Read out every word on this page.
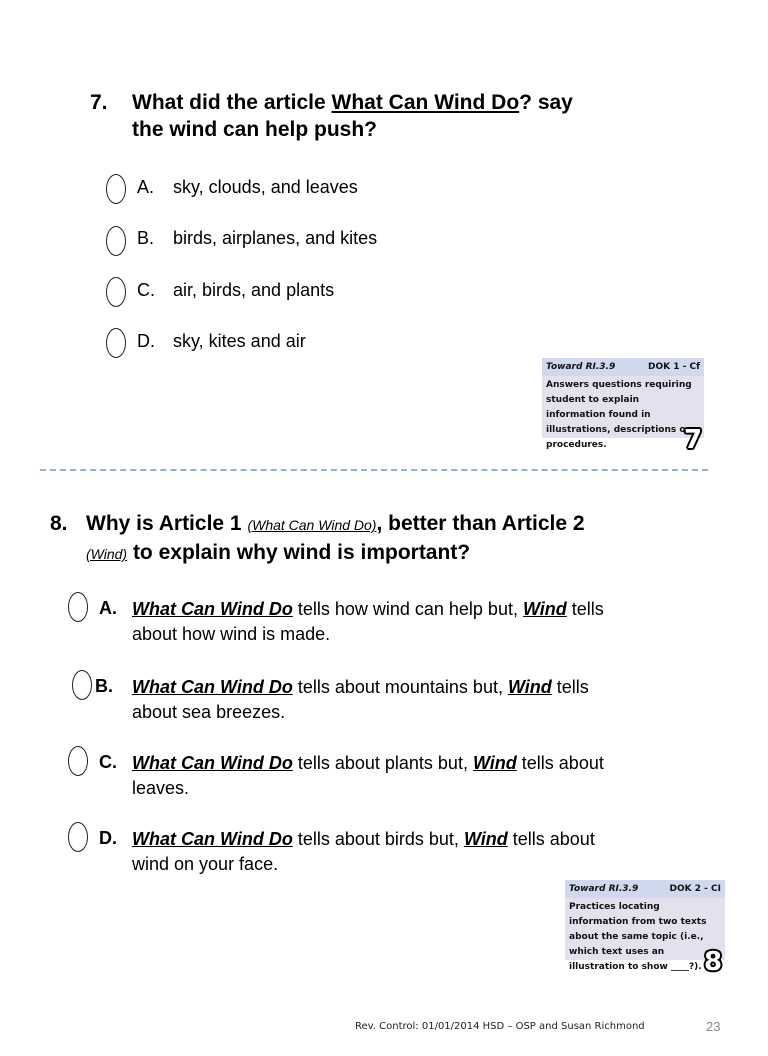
7. What did the article What Can Wind Do? say
the wind can help push?
A. sky, clouds, and leaves
B. birds, airplanes, and kites
C. air, birds, and plants
D. sky, kites and air
Toward RI.3.9	DOK 1 - Cf
Answers questions requiring student to explain information found in illustrations, descriptions or procedures.	7
8. Why is Article 1 (What Can Wind Do), better than Article 2
(Wind) to explain why wind is important?
A. What Can Wind Do tells how wind can help but, Wind tells
about how wind is made.
B. What Can Wind Do tells about mountains but, Wind tells
about sea breezes.
C. What Can Wind Do tells about plants but, Wind tells about
leaves.
D. What Can Wind Do tells about birds but, Wind tells about
wind on your face.
Toward RI.3.9	DOK 2 - CI
Practices locating information from two texts about the same topic (i.e., which text uses an illustration to show ____?). 8
Rev. Control: 01/01/2014 HSD – OSP and Susan Richmond	23
